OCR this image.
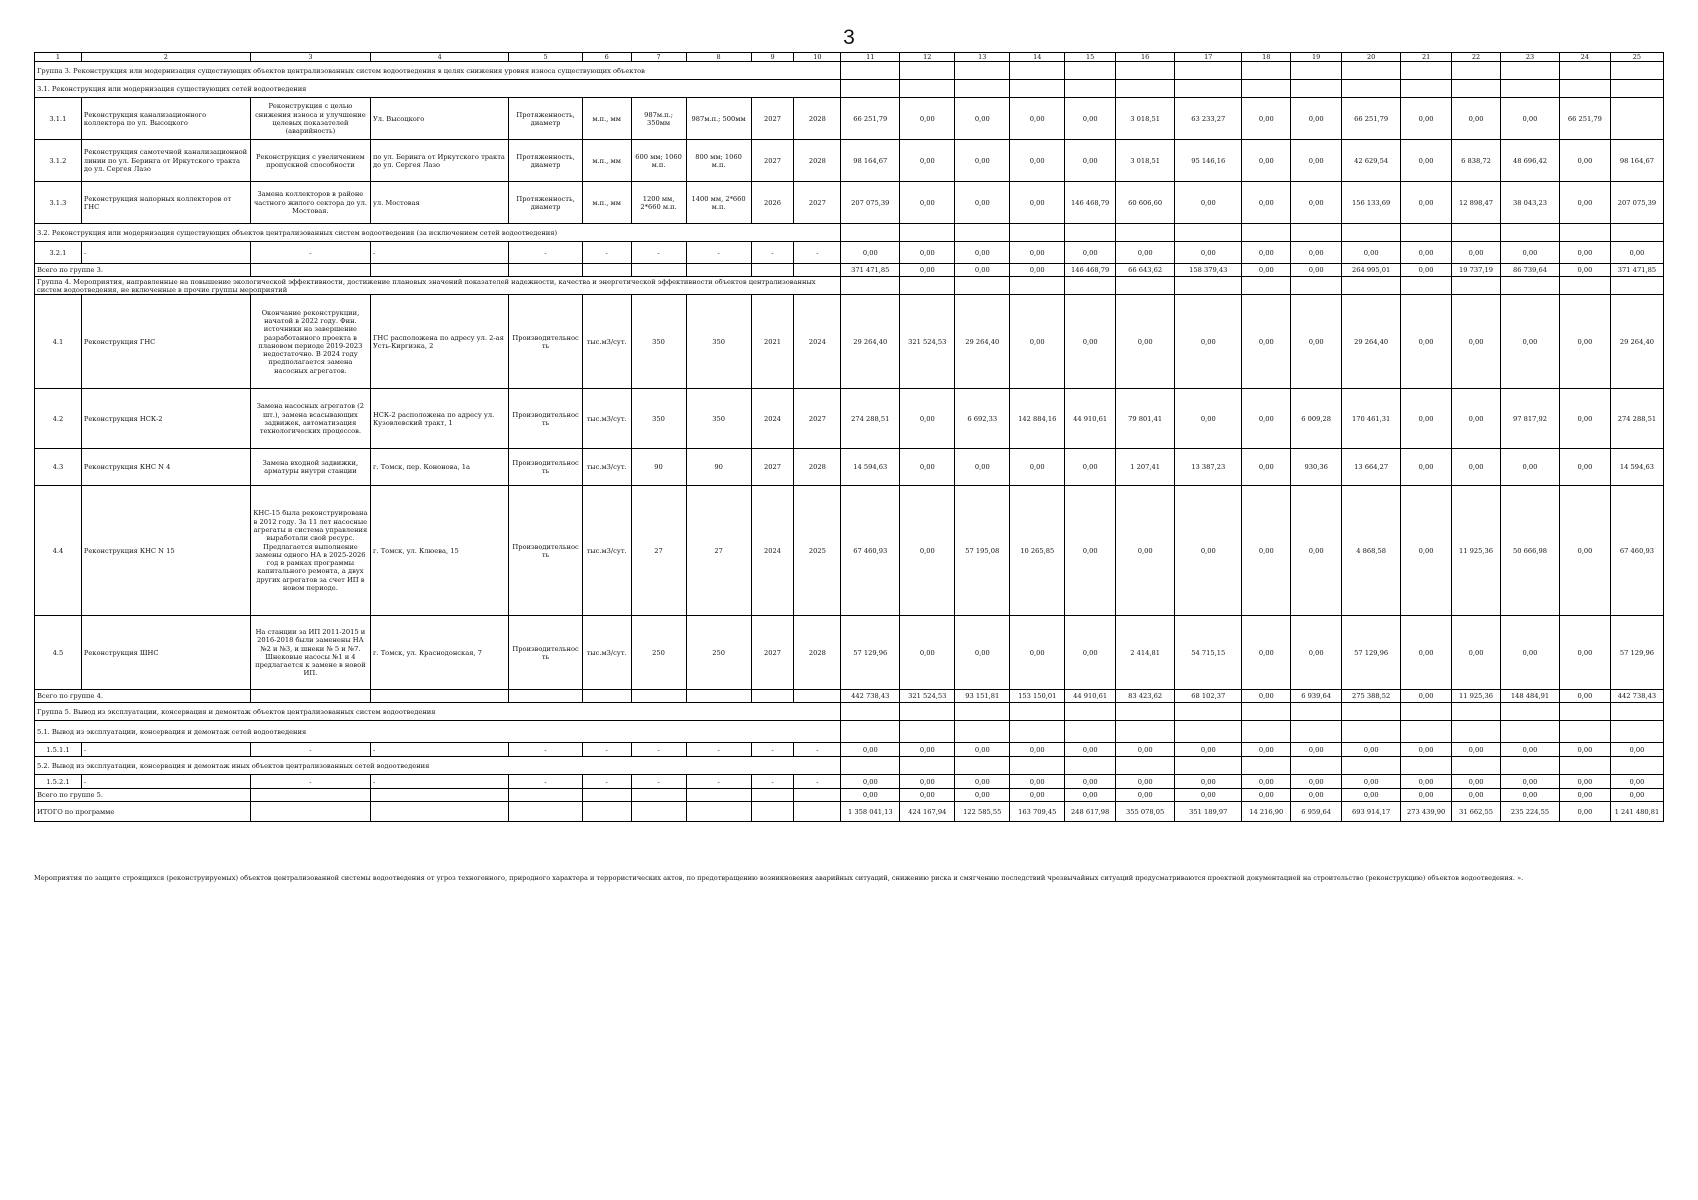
3
1	2	3	4	5	6	7	8	9	10	11	12	13	14	15	16	17	18	19	20	21	22	23	24	25
Группа 3. Реконструкция или модернизация существующих объектов централизованных систем водоотведения в целях снижения уровня износа существующих объектов																								
3.1. Реконструкция или модернизация существующих сетей водоотведения																								
3.1.1	Реконструкция канализационного коллектора по ул. Высоцкого	Реконструкция с целью снижения износа и улучшение целевых показателей (аварийность)	Ул. Высоцкого	Протяженность, диаметр	м.п., мм	987м.п.; 350мм	987м.п.; 500мм	2027	2028	66 251,79	0,00	0,00	0,00	0,00	3 018,51	63 233,27	0,00	0,00	66 251,79	0,00	0,00	0,00	66 251,79	
3.1.2	Реконструкция самотечной канализационной линии по ул. Беринга от Иркутского тракта до ул. Сергея Лазо	Реконструкция с увеличением пропускной способности	по ул. Беринга от Иркутского тракта до ул. Сергея Лазо	Протяженность, диаметр	м.п., мм	600 мм; 1060 м.п.	800 мм; 1060 м.п.	2027	2028	98 164,67	0,00	0,00	0,00	0,00	3 018,51	95 146,16	0,00	0,00	42 629,54	0,00	6 838,72	48 696,42	0,00	98 164,67
3.1.3	Реконструкция напорных коллекторов от ГНС	Замена коллекторов в районе частного жилого сектора до ул. Мостовая.	ул. Мостовая	Протяженность, диаметр	м.п., мм	1200 мм, 2*660 м.п.	1400 мм, 2*660 м.п.	2026	2027	207 075,39	0,00	0,00	0,00	146 468,79	60 606,60	0,00	0,00	0,00	156 133,69	0,00	12 898,47	38 043,23	0,00	207 075,39
3.2. Реконструкция или модернизация существующих объектов централизованных систем водоотведения (за исключением сетей водоотведения)																								
3.2.1	-	-	-	-	-	-	-	-	-	0,00	0,00	0,00	0,00	0,00	0,00	0,00	0,00	0,00	0,00	0,00	0,00	0,00	0,00	0,00
Всего по группе 3.										371 471,85	0,00	0,00	0,00	146 468,79	66 643,62	158 379,43	0,00	0,00	264 995,01	0,00	19 737,19	86 739,64	0,00	371 471,85
Группа 4. Мероприятия, направленные на повышение экологической эффективности, достижение плановых значений показателей надежности, качества и энергетической эффективности объектов централизованных систем водоотведения, не включенные в прочие группы мероприятий																								
4.1	Реконструкция ГНС	Окончание реконструкции, начатой в 2022 году. Фин. источники на завершение разработанного проекта в плановом периоде 2019-2023 недостаточно. В 2024 году предполагается замена насосных агрегатов.	ГНС расположена по адресу ул. 2-ая Усть-Киргизка, 2	Производительность	тыс.м3/сут.	350	350	2021	2024	29 264,40	321 524,53	29 264,40	0,00	0,00	0,00	0,00	0,00	0,00	29 264,40	0,00	0,00	0,00	0,00	29 264,40
4.2	Реконструкция НСК-2	Замена насосных агрегатов (2 шт.), замена всасывающих задвижек, автоматизация технологических процессов.	НСК-2 расположена по адресу ул. Кузовлевский тракт, 1	Производительность	тыс.м3/сут.	350	350	2024	2027	274 288,51	0,00	6 692,33	142 884,16	44 910,61	79 801,41	0,00	0,00	6 009,28	170 461,31	0,00	0,00	97 817,92	0,00	274 288,51
4.3	Реконструкция КНС N 4	Замена входной задвижки, арматуры внутри станции	г. Томск, пер. Кононова, 1а	Производительность	тыс.м3/сут.	90	90	2027	2028	14 594,63	0,00	0,00	0,00	0,00	1 207,41	13 387,23	0,00	930,36	13 664,27	0,00	0,00	0,00	0,00	14 594,63
4.4	Реконструкция КНС N 15	КНС-15 была реконструирована в 2012 году. За 11 лет насосные агрегаты и система управления выработали свой ресурс. Предлагается выполнение замены одного НА в 2025-2026 год в рамках программы капитального ремонта, а двух других агрегатов за счет ИП в новом периоде.	г. Томск, ул. Клюева, 15	Производительность	тыс.м3/сут.	27	27	2024	2025	67 460,93	0,00	57 195,08	10 265,85	0,00	0,00	0,00	0,00	0,00	4 868,58	0,00	11 925,36	50 666,98	0,00	67 460,93
4.5	Реконструкция ШНС	На станции за ИП 2011-2015 и 2016-2018 были заменены НА №2 и №3, и шнеки № 5 и №7. Шнековые насосы №1 и 4 предлагается к замене в новой ИП.	г. Томск, ул. Краснодонская, 7	Производительность	тыс.м3/сут.	250	250	2027	2028	57 129,96	0,00	0,00	0,00	0,00	2 414,81	54 715,15	0,00	0,00	57 129,96	0,00	0,00	0,00	0,00	57 129,96
Всего по группе 4.										442 738,43	321 524,53	93 151,81	153 150,01	44 910,61	83 423,62	68 102,37	0,00	6 939,64	275 388,52	0,00	11 925,36	148 484,91	0,00	442 738,43
Группа 5. Вывод из эксплуатации, консервация и демонтаж объектов централизованных систем водоотведения																								
5.1. Вывод из эксплуатации, консервация и демонтаж сетей водоотведения																								
1.5.1.1	-	-	-	-	-	-	-	-	-	0,00	0,00	0,00	0,00	0,00	0,00	0,00	0,00	0,00	0,00	0,00	0,00	0,00	0,00	0,00
5.2. Вывод из эксплуатации, консервация и демонтаж иных объектов централизованных сетей водоотведения																								
1.5.2.1	-	-	-	-	-	-	-	-	-	0,00	0,00	0,00	0,00	0,00	0,00	0,00	0,00	0,00	0,00	0,00	0,00	0,00	0,00	0,00
Всего по группе 5.										0,00	0,00	0,00	0,00	0,00	0,00	0,00	0,00	0,00	0,00	0,00	0,00	0,00	0,00	0,00
ИТОГО по программе										1 358 041,13	424 167,94	122 585,55	163 709,45	248 617,98	355 078,05	351 189,97	14 216,90	6 959,64	693 914,17	273 439,90	31 662,55	235 224,55	0,00	1 241 480,81
Мероприятия по защите строящихся (реконструируемых) объектов централизованной системы водоотведения от угроз техногенного, природного характера и террористических актов, по предотвращению возникновения аварийных ситуаций, снижению риска и смягчению последствий чрезвычайных ситуаций предусматриваются проектной документацией на строительство (реконструкцию) объектов водоотведения. ».
